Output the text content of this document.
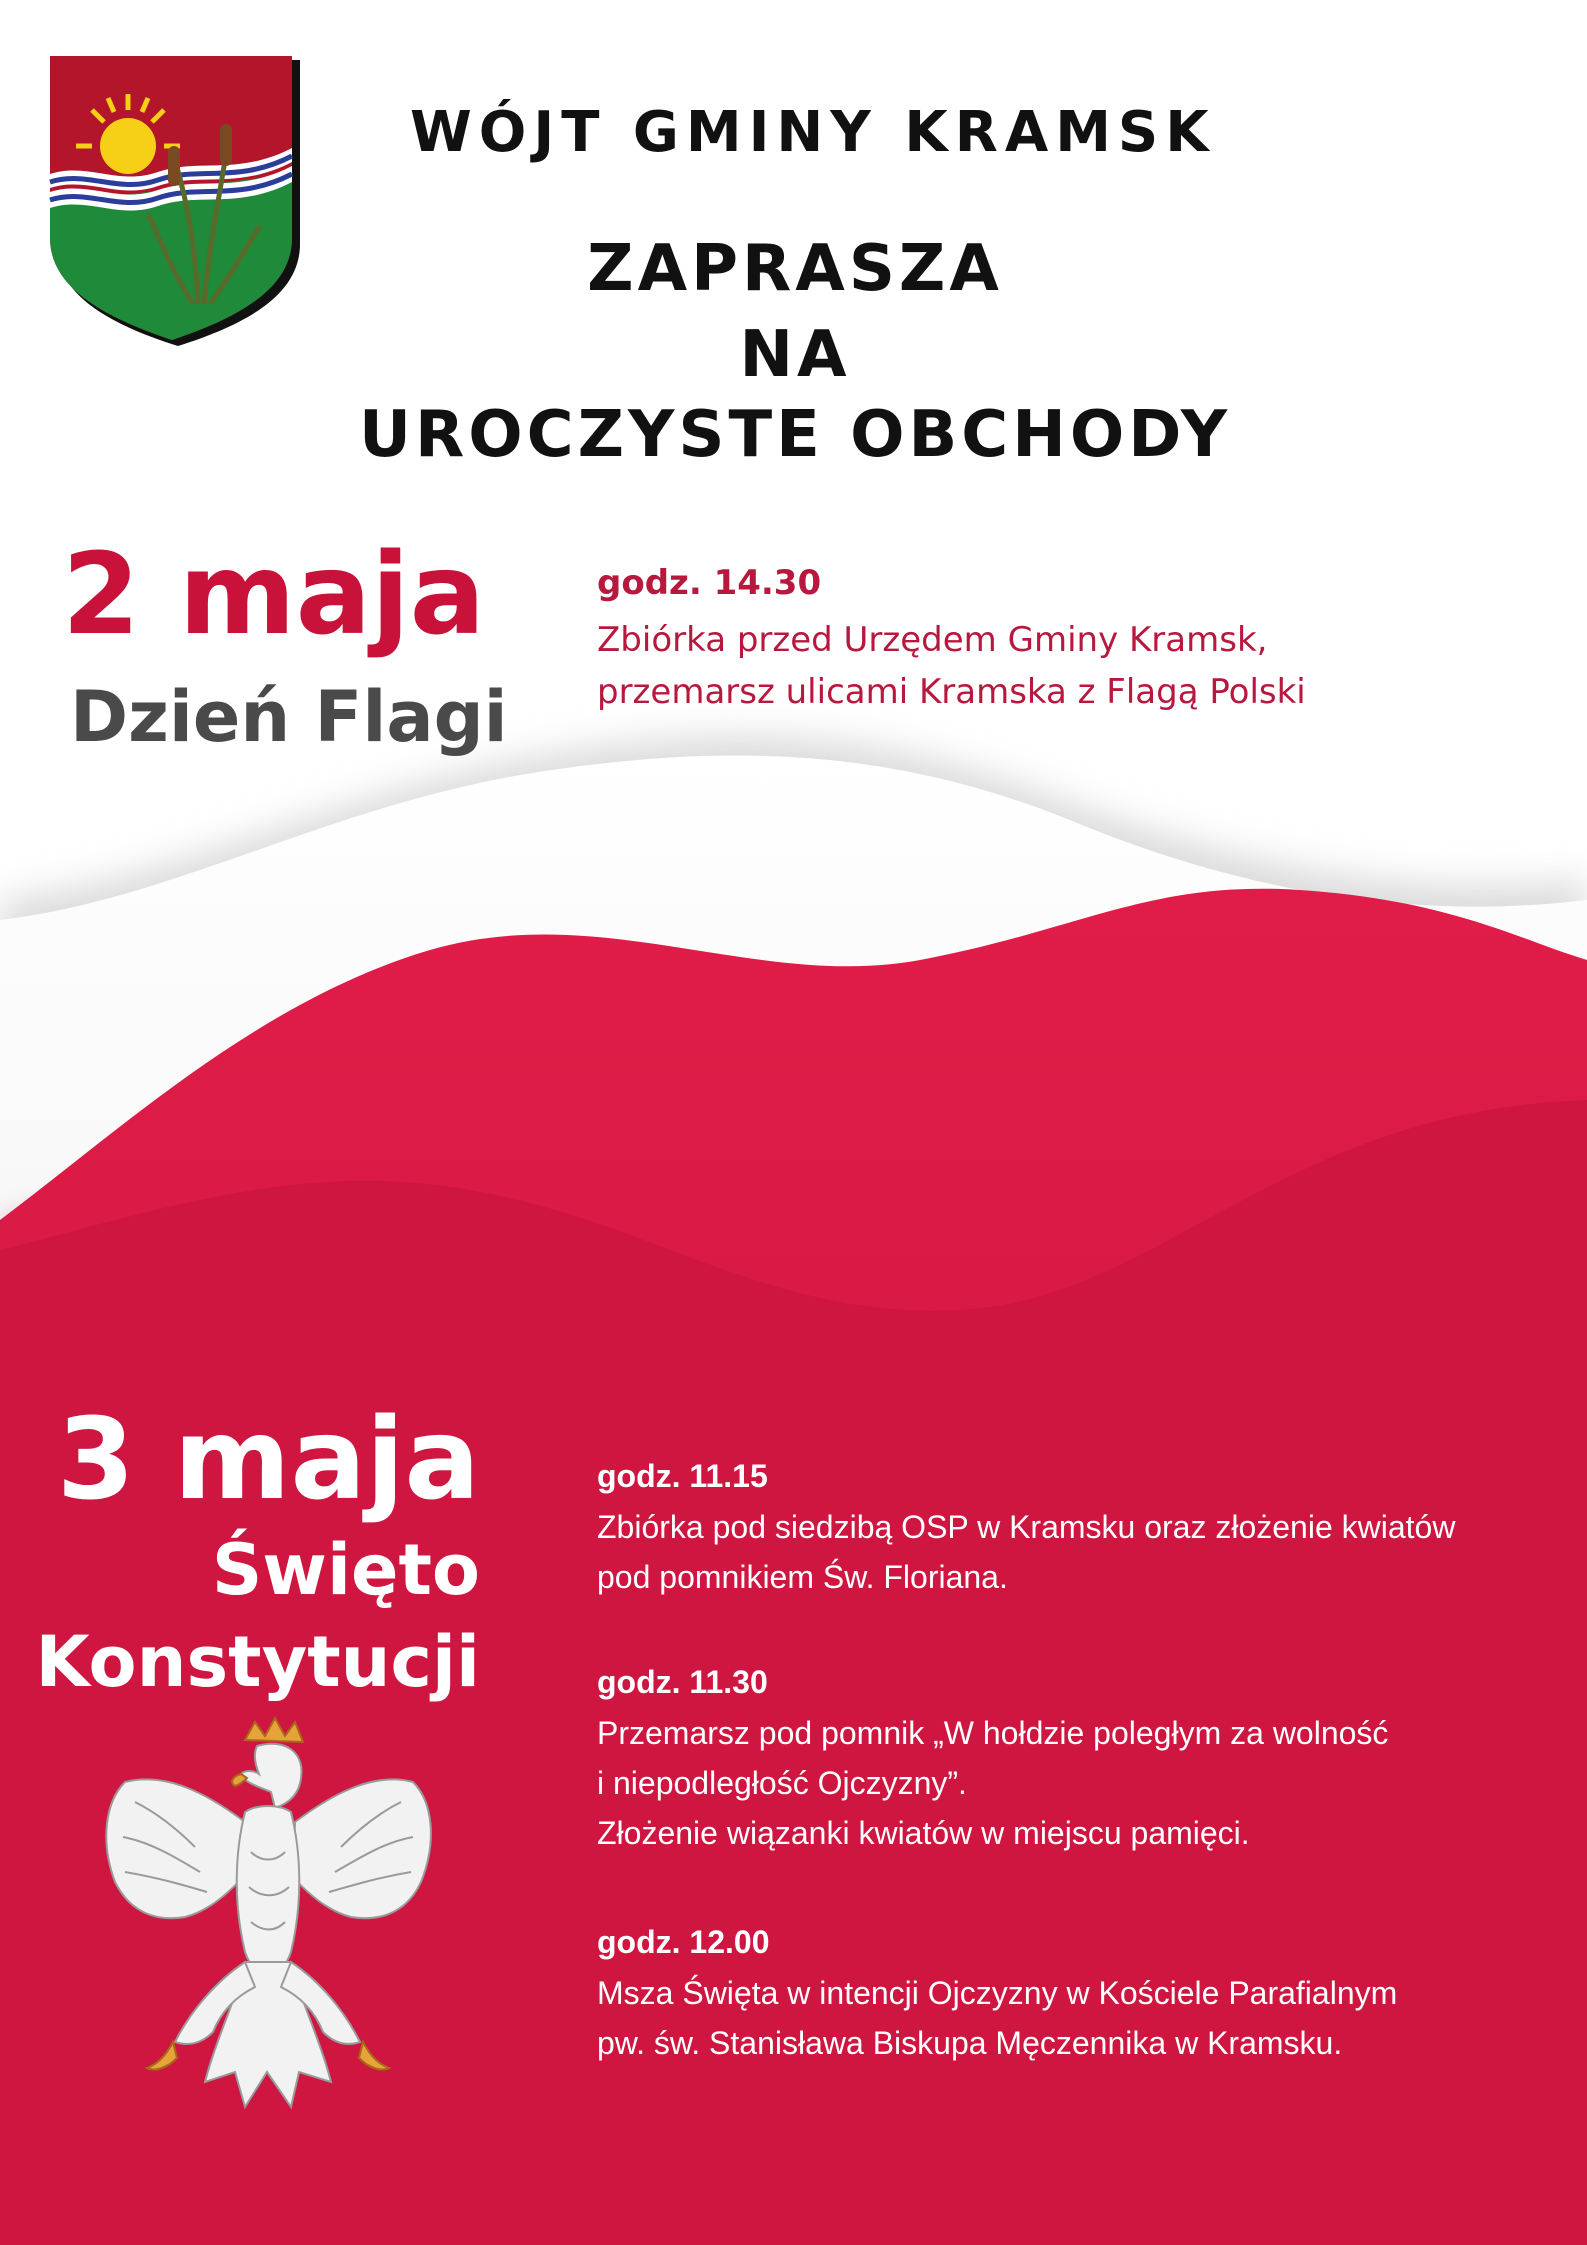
WÓJT GMINY KRAMSK

ZAPRASZA

NA

UROCZYSTE OBCHODY

2 maja

Dzień Flagi

godz. 14.30

Zbiórka przed Urzędem Gminy Kramsk,
przemarsz ulicami Kramska z Flagą Polski

3 maja

Święto
Konstytucji

godz. 11.15

Zbiórka pod siedzibą OSP w Kramsku oraz złożenie kwiatów
pod pomnikiem Św. Floriana.

godz. 11.30

Przemarsz pod pomnik „W hołdzie poległym za wolność
i niepodległość Ojczyzny”.
Złożenie wiązanki kwiatów w miejscu pamięci.

godz. 12.00

Msza Święta w intencji Ojczyzny w Kościele Parafialnym
pw. św. Stanisława Biskupa Męczennika w Kramsku.
